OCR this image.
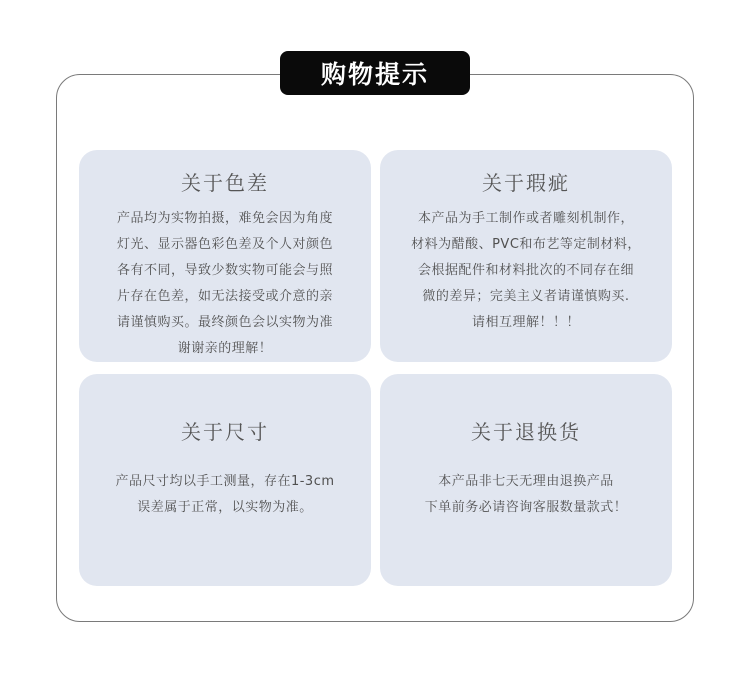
购物提示
关于色差
产品均为实物拍摄，难免会因为角度
灯光、显示器色彩色差及个人对颜色
各有不同，导致少数实物可能会与照
片存在色差，如无法接受或介意的亲
请谨慎购买。最终颜色会以实物为准
谢谢亲的理解！
关于瑕疵
本产品为手工制作或者雕刻机制作，
材料为醋酸、PVC和布艺等定制材料，
会根据配件和材料批次的不同存在细
微的差异；完美主义者请谨慎购买.
请相互理解！！！
关于尺寸
产品尺寸均以手工测量，存在1-3cm
误差属于正常，以实物为准。
关于退换货
本产品非七天无理由退换产品
下单前务必请咨询客服数量款式！
